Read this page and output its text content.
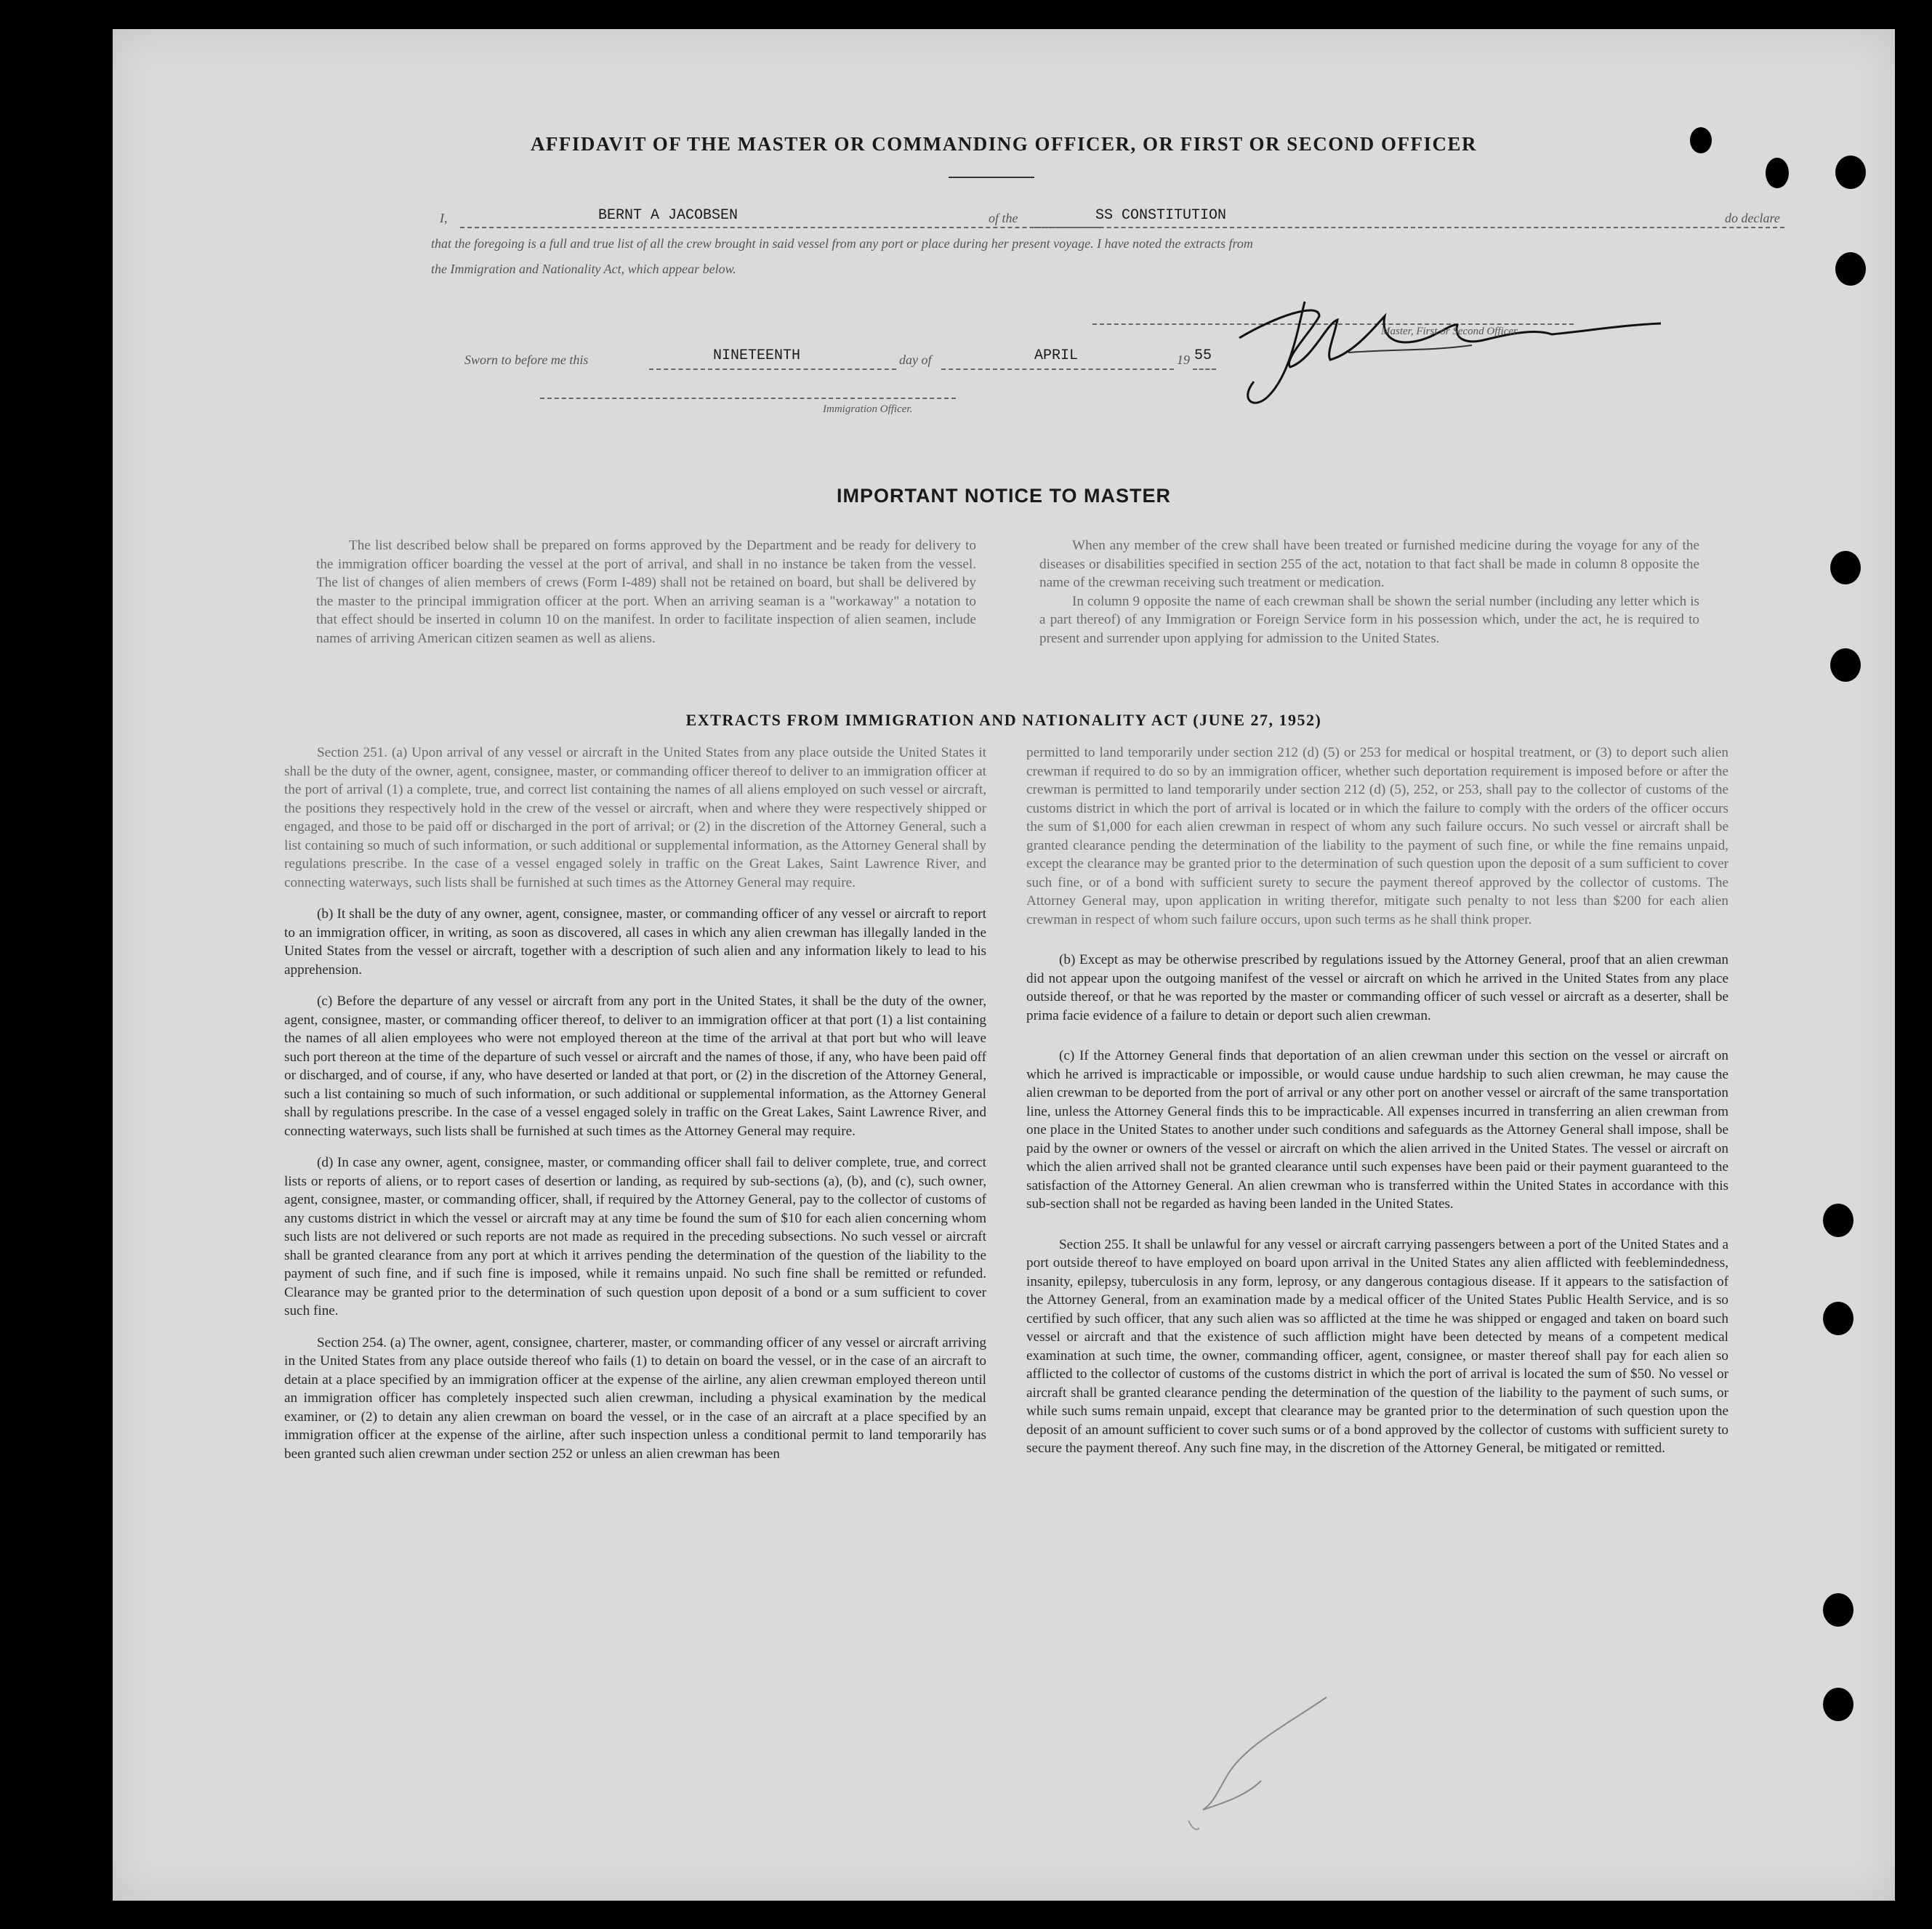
AFFIDAVIT OF THE MASTER OR COMMANDING OFFICER, OR FIRST OR SECOND OFFICER
I,	BERNT A JACOBSEN	of the	SS CONSTITUTION	do declare
that the foregoing is a full and true list of all the crew brought in said vessel from any port or place during her present voyage. I have noted the extracts from
the Immigration and Nationality Act, which appear below.
Master, First or Second Officer.
Sworn to before me this	NINETEENTH	day of	APRIL	19 55
Immigration Officer.
IMPORTANT NOTICE TO MASTER

The list described below shall be prepared on forms approved by the Department and be ready for delivery to the immigration officer boarding the vessel at the port of arrival, and shall in no instance be taken from the vessel. The list of changes of alien members of crews (Form I-489) shall not be retained on board, but shall be delivered by the master to the principal immigration officer at the port. When an arriving seaman is a "workaway" a notation to that effect should be inserted in column 10 on the manifest. In order to facilitate inspection of alien seamen, include names of arriving American citizen seamen as well as aliens.

When any member of the crew shall have been treated or furnished medicine during the voyage for any of the diseases or disabilities specified in section 255 of the act, notation to that fact shall be made in column 8 opposite the name of the crewman receiving such treatment or medication.

In column 9 opposite the name of each crewman shall be shown the serial number (including any letter which is a part thereof) of any Immigration or Foreign Service form in his possession which, under the act, he is required to present and surrender upon applying for admission to the United States.

EXTRACTS FROM IMMIGRATION AND NATIONALITY ACT (JUNE 27, 1952)

Section 251. (a) Upon arrival of any vessel or aircraft in the United States from any place outside the United States it shall be the duty of the owner, agent, consignee, master, or commanding officer thereof to deliver to an immigration officer at the port of arrival (1) a complete, true, and correct list containing the names of all aliens employed on such vessel or aircraft, the positions they respectively hold in the crew of the vessel or aircraft, when and where they were respectively shipped or engaged, and those to be paid off or discharged in the port of arrival; or (2) in the discretion of the Attorney General, such a list containing so much of such information, or such additional or supplemental information, as the Attorney General shall by regulations prescribe. In the case of a vessel engaged solely in traffic on the Great Lakes, Saint Lawrence River, and connecting waterways, such lists shall be furnished at such times as the Attorney General may require.

(b) It shall be the duty of any owner, agent, consignee, master, or commanding officer of any vessel or aircraft to report to an immigration officer, in writing, as soon as discovered, all cases in which any alien crewman has illegally landed in the United States from the vessel or aircraft, together with a description of such alien and any information likely to lead to his apprehension.

(c) Before the departure of any vessel or aircraft from any port in the United States, it shall be the duty of the owner, agent, consignee, master, or commanding officer thereof, to deliver to an immigration officer at that port (1) a list containing the names of all alien employees who were not employed thereon at the time of the arrival at that port but who will leave such port thereon at the time of the departure of such vessel or aircraft and the names of those, if any, who have been paid off or discharged, and of course, if any, who have deserted or landed at that port, or (2) in the discretion of the Attorney General, such a list containing so much of such information, or such additional or supplemental information, as the Attorney General shall by regulations prescribe. In the case of a vessel engaged solely in traffic on the Great Lakes, Saint Lawrence River, and connecting waterways, such lists shall be furnished at such times as the Attorney General may require.

(d) In case any owner, agent, consignee, master, or commanding officer shall fail to deliver complete, true, and correct lists or reports of aliens, or to report cases of desertion or landing, as required by sub-sections (a), (b), and (c), such owner, agent, consignee, master, or commanding officer, shall, if required by the Attorney General, pay to the collector of customs of any customs district in which the vessel or aircraft may at any time be found the sum of $10 for each alien concerning whom such lists are not delivered or such reports are not made as required in the preceding subsections. No such vessel or aircraft shall be granted clearance from any port at which it arrives pending the determination of the question of the liability to the payment of such fine, and if such fine is imposed, while it remains unpaid. No such fine shall be remitted or refunded. Clearance may be granted prior to the determination of such question upon deposit of a bond or a sum sufficient to cover such fine.

Section 254. (a) The owner, agent, consignee, charterer, master, or commanding officer of any vessel or aircraft arriving in the United States from any place outside thereof who fails (1) to detain on board the vessel, or in the case of an aircraft to detain at a place specified by an immigration officer at the expense of the airline, any alien crewman employed thereon until an immigration officer has completely inspected such alien crewman, including a physical examination by the medical examiner, or (2) to detain any alien crewman on board the vessel, or in the case of an aircraft at a place specified by an immigration officer at the expense of the airline, after such inspection unless a conditional permit to land temporarily has been granted such alien crewman under section 252 or unless an alien crewman has been

permitted to land temporarily under section 212 (d) (5) or 253 for medical or hospital treatment, or (3) to deport such alien crewman if required to do so by an immigration officer, whether such deportation requirement is imposed before or after the crewman is permitted to land temporarily under section 212 (d) (5), 252, or 253, shall pay to the collector of customs of the customs district in which the port of arrival is located or in which the failure to comply with the orders of the officer occurs the sum of $1,000 for each alien crewman in respect of whom any such failure occurs. No such vessel or aircraft shall be granted clearance pending the determination of the liability to the payment of such fine, or while the fine remains unpaid, except the clearance may be granted prior to the determination of such question upon the deposit of a sum sufficient to cover such fine, or of a bond with sufficient surety to secure the payment thereof approved by the collector of customs. The Attorney General may, upon application in writing therefor, mitigate such penalty to not less than $200 for each alien crewman in respect of whom such failure occurs, upon such terms as he shall think proper.

(b) Except as may be otherwise prescribed by regulations issued by the Attorney General, proof that an alien crewman did not appear upon the outgoing manifest of the vessel or aircraft on which he arrived in the United States from any place outside thereof, or that he was reported by the master or commanding officer of such vessel or aircraft as a deserter, shall be prima facie evidence of a failure to detain or deport such alien crewman.

(c) If the Attorney General finds that deportation of an alien crewman under this section on the vessel or aircraft on which he arrived is impracticable or impossible, or would cause undue hardship to such alien crewman, he may cause the alien crewman to be deported from the port of arrival or any other port on another vessel or aircraft of the same transportation line, unless the Attorney General finds this to be impracticable. All expenses incurred in transferring an alien crewman from one place in the United States to another under such conditions and safeguards as the Attorney General shall impose, shall be paid by the owner or owners of the vessel or aircraft on which the alien arrived in the United States. The vessel or aircraft on which the alien arrived shall not be granted clearance until such expenses have been paid or their payment guaranteed to the satisfaction of the Attorney General. An alien crewman who is transferred within the United States in accordance with this sub-section shall not be regarded as having been landed in the United States.

Section 255. It shall be unlawful for any vessel or aircraft carrying passengers between a port of the United States and a port outside thereof to have employed on board upon arrival in the United States any alien afflicted with feeblemindedness, insanity, epilepsy, tuberculosis in any form, leprosy, or any dangerous contagious disease. If it appears to the satisfaction of the Attorney General, from an examination made by a medical officer of the United States Public Health Service, and is so certified by such officer, that any such alien was so afflicted at the time he was shipped or engaged and taken on board such vessel or aircraft and that the existence of such affliction might have been detected by means of a competent medical examination at such time, the owner, commanding officer, agent, consignee, or master thereof shall pay for each alien so afflicted to the collector of customs of the customs district in which the port of arrival is located the sum of $50. No vessel or aircraft shall be granted clearance pending the determination of the question of the liability to the payment of such sums, or while such sums remain unpaid, except that clearance may be granted prior to the determination of such question upon the deposit of an amount sufficient to cover such sums or of a bond approved by the collector of customs with sufficient surety to secure the payment thereof. Any such fine may, in the discretion of the Attorney General, be mitigated or remitted.
